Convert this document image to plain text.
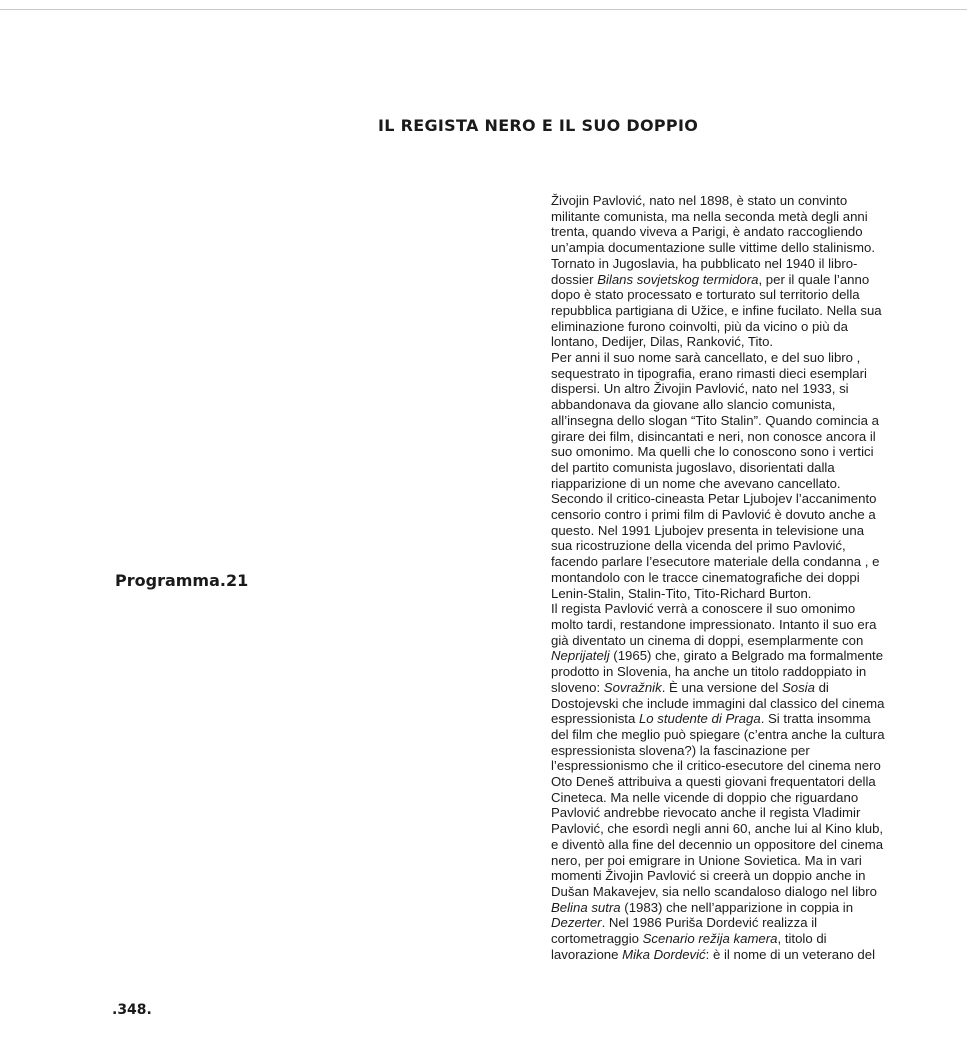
IL REGISTA NERO E IL SUO DOPPIO
Programma.21
.348.
Živojin Pavlović, nato nel 1898, è stato un convinto
militante comunista, ma nella seconda metà degli anni
trenta, quando viveva a Parigi, è andato raccogliendo
un’ampia documentazione sulle vittime dello stalinismo.
Tornato in Jugoslavia, ha pubblicato nel 1940 il libro-
dossier Bilans sovjetskog termidora, per il quale l’anno
dopo è stato processato e torturato sul territorio della
repubblica partigiana di Užice, e infine fucilato. Nella sua
eliminazione furono coinvolti, più da vicino o più da
lontano, Dedijer, Dilas, Ranković, Tito.
Per anni il suo nome sarà cancellato, e del suo libro ,
sequestrato in tipografia, erano rimasti dieci esemplari
dispersi. Un altro Živojin Pavlović, nato nel 1933, si
abbandonava da giovane allo slancio comunista,
all’insegna dello slogan “Tito Stalin”. Quando comincia a
girare dei film, disincantati e neri, non conosce ancora il
suo omonimo. Ma quelli che lo conoscono sono i vertici
del partito comunista jugoslavo, disorientati dalla
riapparizione di un nome che avevano cancellato.
Secondo il critico-cineasta Petar Ljubojev l’accanimento
censorio contro i primi film di Pavlović è dovuto anche a
questo. Nel 1991 Ljubojev presenta in televisione una
sua ricostruzione della vicenda del primo Pavlović,
facendo parlare l’esecutore materiale della condanna , e
montandolo con le tracce cinematografiche dei doppi
Lenin-Stalin, Stalin-Tito, Tito-Richard Burton.
Il regista Pavlović verrà a conoscere il suo omonimo
molto tardi, restandone impressionato. Intanto il suo era
già diventato un cinema di doppi, esemplarmente con
Neprijatelj (1965) che, girato a Belgrado ma formalmente
prodotto in Slovenia, ha anche un titolo raddoppiato in
sloveno: Sovražnik. È una versione del Sosia di
Dostojevski che include immagini dal classico del cinema
espressionista Lo studente di Praga. Si tratta insomma
del film che meglio può spiegare (c’entra anche la cultura
espressionista slovena?) la fascinazione per
l’espressionismo che il critico-esecutore del cinema nero
Oto Deneš attribuiva a questi giovani frequentatori della
Cineteca. Ma nelle vicende di doppio che riguardano
Pavlović andrebbe rievocato anche il regista Vladimir
Pavlović, che esordì negli anni 60, anche lui al Kino klub,
e diventò alla fine del decennio un oppositore del cinema
nero, per poi emigrare in Unione Sovietica. Ma in vari
momenti Živojin Pavlović si creerà un doppio anche in
Dušan Makavejev, sia nello scandaloso dialogo nel libro
Belina sutra (1983) che nell’apparizione in coppia in
Dezerter. Nel 1986 Puriša Dordević realizza il
cortometraggio Scenario režija kamera, titolo di
lavorazione Mika Dordević: è il nome di un veterano del
